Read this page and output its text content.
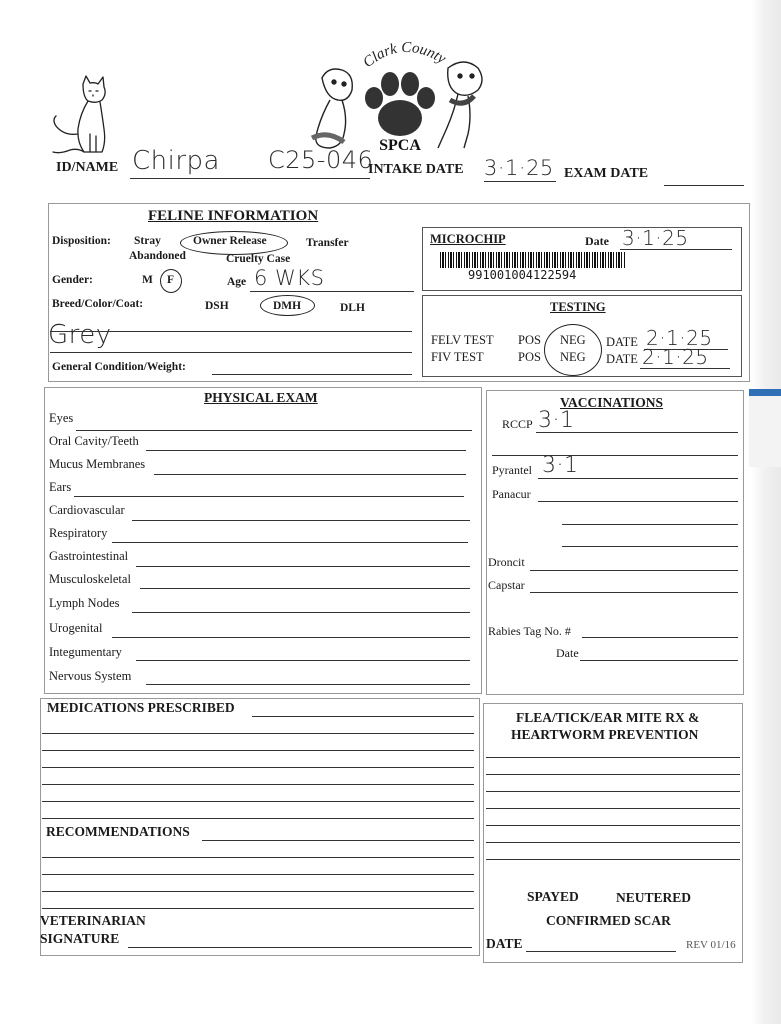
Clark County
SPCA
ID/NAME Chirpa C25-046
INTAKE DATE 3·1·25 EXAM DATE
FELINE INFORMATION
Disposition: Stray	Owner Release	Transfer
Abandoned	Cruelty Case
Gender:	M F	Age 6 WKS
Breed/Color/Coat:	DSH	DMH	DLH
Grey
General Condition/Weight:
MICROCHIP	Date 3·1·25
991001004122594
TESTING
FELV TEST POS NEG DATE 2·1·25
FIV TEST	POS NEG DATE 2·1·25
PHYSICAL EXAM
Eyes
Oral Cavity/Teeth
Mucus Membranes
Ears
Cardiovascular
Respiratory
Gastrointestinal
Musculoskeletal
Lymph Nodes
Urogenital
Integumentary
Nervous System
VACCINATIONS
RCCP 3·1
Pyrantel 3·1
Panacur
Droncit
Capstar
Rabies Tag No. #
Date
MEDICATIONS PRESCRIBED
RECOMMENDATIONS
VETERINARIAN
SIGNATURE
FLEA/TICK/EAR MITE RX &
HEARTWORM PREVENTION
SPAYED	NEUTERED
CONFIRMED SCAR
DATE	REV 01/16
